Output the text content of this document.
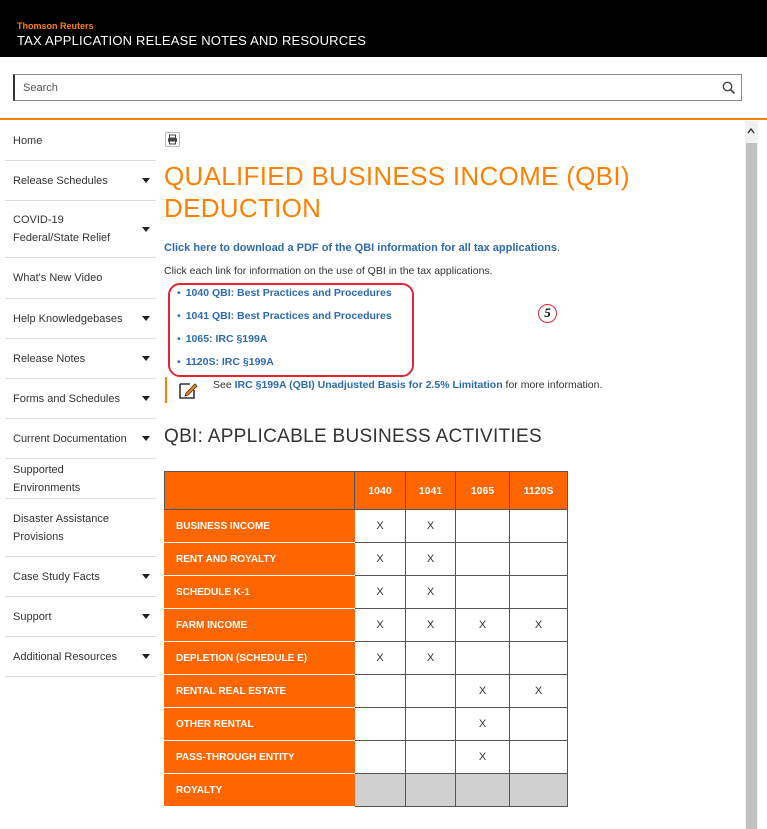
Thomson Reuters
TAX APPLICATION RELEASE NOTES AND RESOURCES
Search
Home
Release Schedules
COVID-19 Federal/State Relief
What's New Video
Help Knowledgebases
Release Notes
Forms and Schedules
Current Documentation
Supported Environments
Disaster Assistance Provisions
Case Study Facts
Support
Additional Resources
QUALIFIED BUSINESS INCOME (QBI) DEDUCTION
Click here to download a PDF of the QBI information for all tax applications.
Click each link for information on the use of QBI in the tax applications.
• 1040 QBI: Best Practices and Procedures
• 1041 QBI: Best Practices and Procedures
• 1065: IRC §199A
• 1120S: IRC §199A
5
See IRC §199A (QBI) Unadjusted Basis for 2.5% Limitation for more information.
QBI: APPLICABLE BUSINESS ACTIVITIES
	1040	1041	1065	1120S
BUSINESS INCOME	X	X		
RENT AND ROYALTY	X	X		
SCHEDULE K-1	X	X		
FARM INCOME	X	X	X	X
DEPLETION (SCHEDULE E)	X	X		
RENTAL REAL ESTATE			X	X
OTHER RENTAL			X	
PASS-THROUGH ENTITY			X	
ROYALTY				
